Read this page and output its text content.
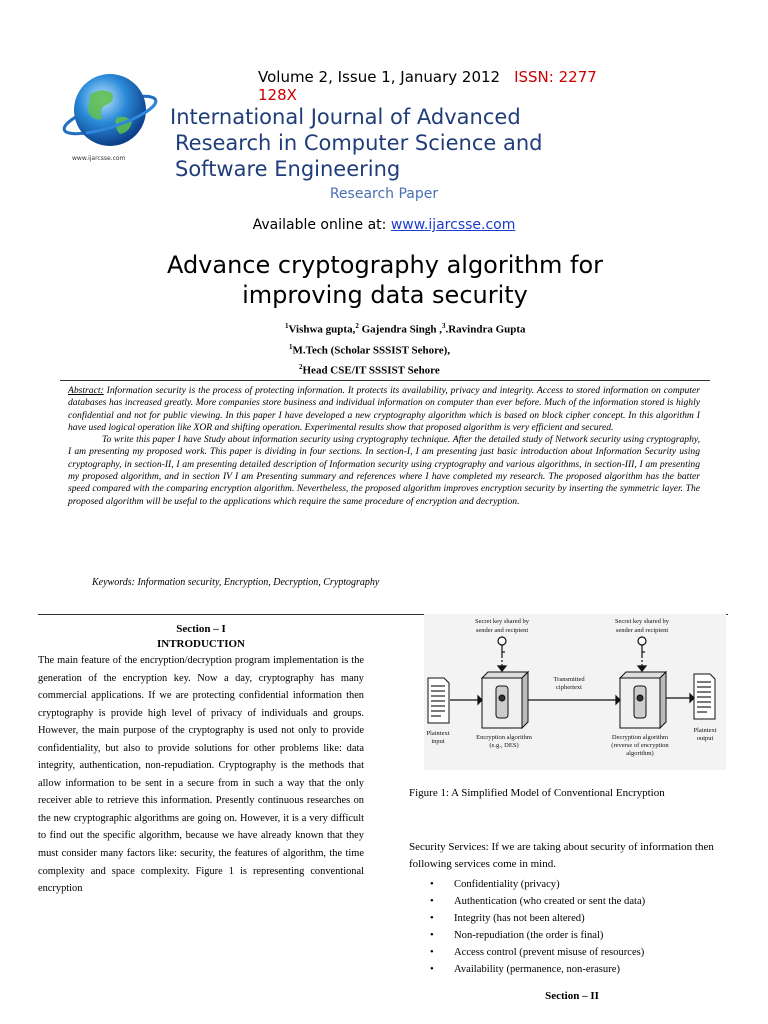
www.ijarcsse.com
Volume 2, Issue 1, January 2012 ISSN: 2277
128X
International Journal of Advanced
Research in Computer Science and
Software Engineering
Research Paper
Available online at: www.ijarcsse.com
Advance cryptography algorithm for
improving data security
$^1$Vishwa gupta,$^2$ Gajendra Singh ,$^3$.Ravindra Gupta
$^1$M.Tech (Scholar SSSIST Sehore),
$^2$Head CSE/IT SSSIST Sehore

Abstract: Information security is the process of protecting information. It protects its availability, privacy and integrity. Access to stored information on computer databases has increased greatly. More companies store business and individual information on computer than ever before. Much of the information stored is highly confidential and not for public viewing. In this paper I have developed a new cryptography algorithm which is based on block cipher concept. In this algorithm I have used logical operation like XOR and shifting operation. Experimental results show that proposed algorithm is very efficient and secured.

To write this paper I have Study about information security using cryptography technique. After the detailed study of Network security using cryptography, I am presenting my proposed work. This paper is dividing in four sections. In section-I, I am presenting just basic introduction about Information Security using cryptography, in section-II, I am presenting detailed description of Information security using cryptography and various algorithms, in section-III, I am presenting my proposed algorithm, and in section IV I am Presenting summary and references where I have completed my research. The proposed algorithm has the batter speed compared with the comparing encryption algorithm. Nevertheless, the proposed algorithm improves encryption security by inserting the symmetric layer. The proposed algorithm will be useful to the applications which require the same procedure of encryption and decryption.

Keywords: Information security, Encryption, Decryption, Cryptography
Section – I
INTRODUCTION
The main feature of the encryption/decryption program implementation is the generation of the encryption key. Now a day, cryptography has many commercial applications. If we are protecting confidential information then cryptography is provide high level of privacy of individuals and groups. However, the main purpose of the cryptography is used not only to provide confidentiality, but also to provide solutions for other problems like: data integrity, authentication, non-repudiation. Cryptography is the methods that allow information to be sent in a secure from in such a way that the only receiver able to retrieve this information. Presently continuous researches on the new cryptographic algorithms are going on. However, it is a very difficult to find out the specific algorithm, because we have already known that they must consider many factors like: security, the features of algorithm, the time complexity and space complexity. Figure 1 is representing conventional encryption
Secret key shared by
sender and recipient
Secret key shared by
sender and recipient
Transmitted
ciphertext
Plaintext
input
Encryption algorithm
(e.g., DES)
Decryption algorithm
(reverse of encryption
algorithm)
Plaintext
output
Figure 1: A Simplified Model of Conventional Encryption
Security Services: If we are taking about security of information then following services come in mind.
• Confidentiality (privacy)
• Authentication (who created or sent the data)
• Integrity (has not been altered)
• Non-repudiation (the order is final)
• Access control (prevent misuse of resources)
• Availability (permanence, non-erasure)
Section – II
